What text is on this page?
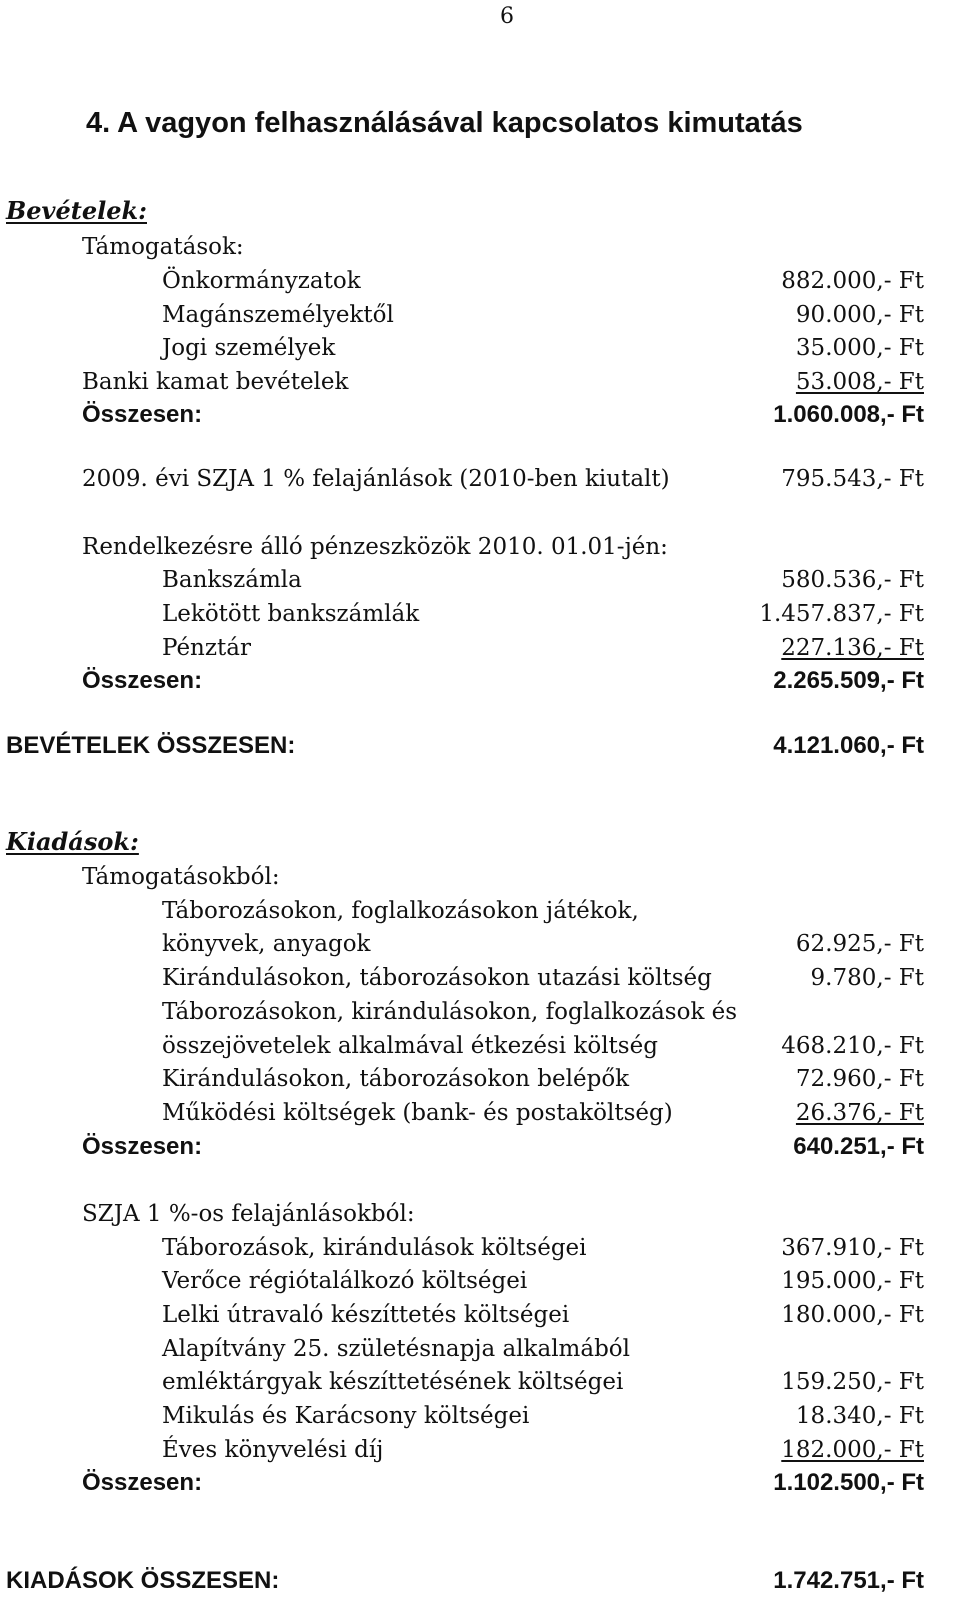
6
4. A vagyon felhasználásával kapcsolatos kimutatás
Bevételek:
Támogatások:
Önkormányzatok	882.000,- Ft
Magánszemélyektől	90.000,- Ft
Jogi személyek	35.000,- Ft
Banki kamat bevételek	53.008,- Ft
Összesen:	1.060.008,- Ft
2009. évi SZJA 1 % felajánlások (2010-ben kiutalt)	795.543,- Ft
Rendelkezésre álló pénzeszközök 2010. 01.01-jén:
Bankszámla	580.536,- Ft
Lekötött bankszámlák	1.457.837,- Ft
Pénztár	227.136,- Ft
Összesen:	2.265.509,- Ft
BEVÉTELEK ÖSSZESEN:	4.121.060,- Ft
Kiadások:
Támogatásokból:
Táborozásokon, foglalkozásokon játékok,
könyvek, anyagok	62.925,- Ft
Kirándulásokon, táborozásokon utazási költség	9.780,- Ft
Táborozásokon, kirándulásokon, foglalkozások és
összejövetelek alkalmával étkezési költség	468.210,- Ft
Kirándulásokon, táborozásokon belépők	72.960,- Ft
Működési költségek (bank- és postaköltség)	26.376,- Ft
Összesen:	640.251,- Ft
SZJA 1 %-os felajánlásokból:
Táborozások, kirándulások költségei	367.910,- Ft
Verőce régiótalálkozó költségei	195.000,- Ft
Lelki útravaló készíttetés költségei	180.000,- Ft
Alapítvány 25. születésnapja alkalmából
emléktárgyak készíttetésének költségei	159.250,- Ft
Mikulás és Karácsony költségei	18.340,- Ft
Éves könyvelési díj	182.000,- Ft
Összesen:	1.102.500,- Ft
KIADÁSOK ÖSSZESEN:	1.742.751,- Ft
